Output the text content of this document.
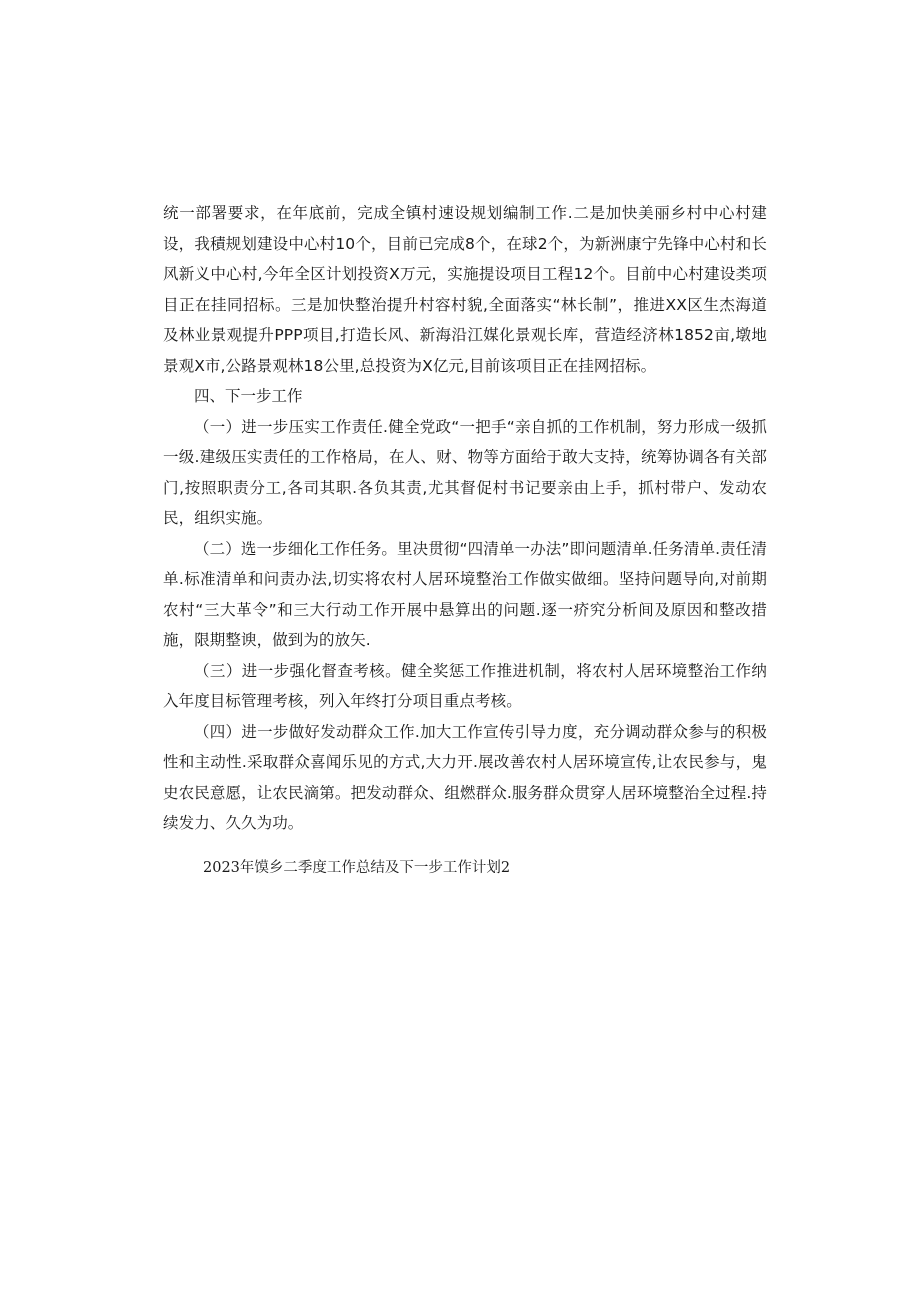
统一部署要求，在年底前，完成全镇村速设规划编制工作.二是加快美丽乡村中心村建设，我積规划建设中心村10个，目前已完成8个，在球2个，为新洲康宁先锋中心村和长风新义中心村,今年全区计划投资X万元，实施提设项目工程12个。目前中心村建设类项目正在挂同招标。三是加快整治提升村容村貌,全面落实“林长制”，推进XX区生杰海道及林业景观提升PPP项目,打造长风、新海沿江媒化景观长库，营造经济林1852亩,墩地景观X市,公路景观林18公里,总投资为X亿元,目前该项目正在挂网招标。

四、下一步工作

（一）进一步压实工作责任.健全党政“一把手“亲自抓的工作机制，努力形成一级抓一级.建级压实责任的工作格局，在人、财、物等方面给于敢大支持，统筹协调各有关部门,按照职责分工,各司其职.各负其责,尤其督促村书记要亲由上手，抓村带户、发动农民，组织实施。

（二）选一步细化工作任务。里决贯彻“四清单一办法”即问题清单.任务清单.责任清单.标准清单和问责办法,切实将农村人居环境整治工作做实做细。坚持问题导向,对前期农村“三大革令”和三大行动工作开展中悬算出的问题.逐一疥究分析间及原因和整改措施，限期整谀，做到为的放矢.

（三）进一步强化督查考核。健全奖惩工作推进机制，将农村人居环境整治工作纳入年度目标管理考核，列入年终打分项目重点考核。

（四）进一步做好发动群众工作.加大工作宣传引导力度，充分调动群众参与的积极性和主动性.采取群众喜闻乐见的方式,大力开.展改善农村人居环境宣传,让农民参与，鬼史农民意愿，让农民滴第。把发动群众、组燃群众.服务群众贯穿人居环境整治全过程.持续发力、久久为功。

2023年馍乡二季度工作总结及下一步工作计划2
